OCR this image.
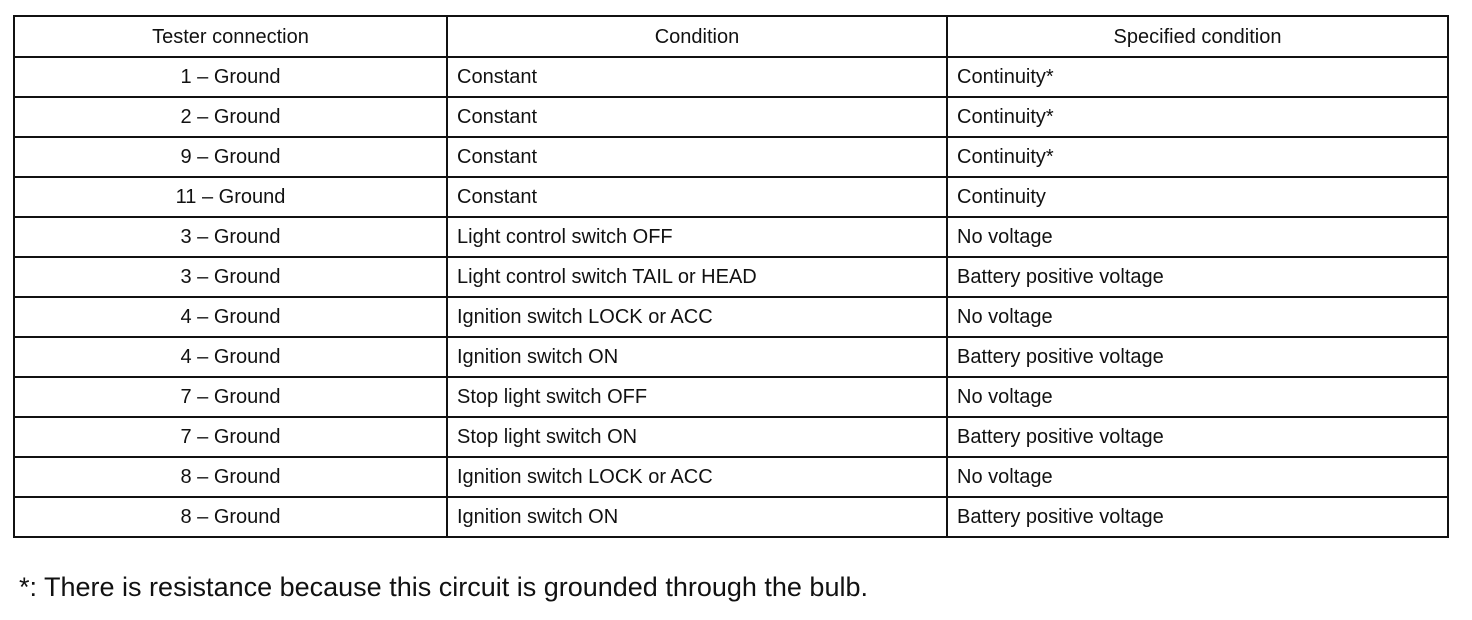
Tester connection	Condition	Specified condition
1 – Ground	Constant	Continuity*
2 – Ground	Constant	Continuity*
9 – Ground	Constant	Continuity*
11 – Ground	Constant	Continuity
3 – Ground	Light control switch OFF	No voltage
3 – Ground	Light control switch TAIL or HEAD	Battery positive voltage
4 – Ground	Ignition switch LOCK or ACC	No voltage
4 – Ground	Ignition switch ON	Battery positive voltage
7 – Ground	Stop light switch OFF	No voltage
7 – Ground	Stop light switch ON	Battery positive voltage
8 – Ground	Ignition switch LOCK or ACC	No voltage
8 – Ground	Ignition switch ON	Battery positive voltage
*: There is resistance because this circuit is grounded through the bulb.
